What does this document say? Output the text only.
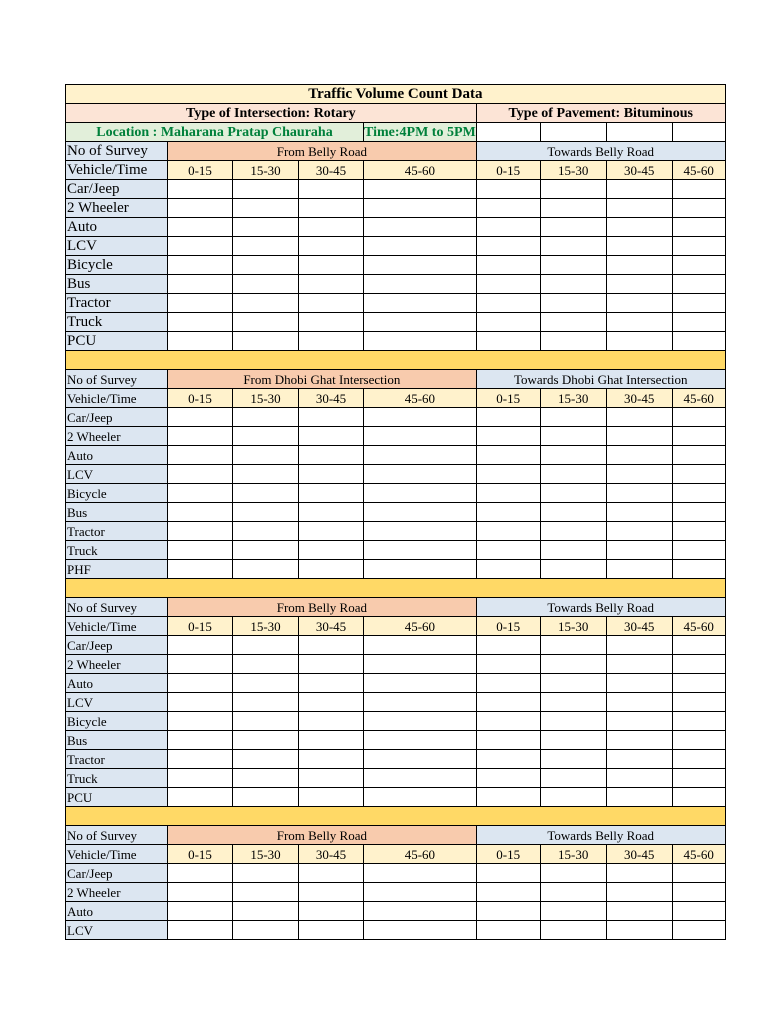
Traffic Volume Count Data								
Type of Intersection: Rotary					Type of Pavement: Bituminous			
Location : Maharana Pratap Chauraha				Time:4PM to 5PM				
No of Survey	From Belly Road				Towards Belly Road			
Vehicle/Time	0-15	15-30	30-45	45-60	0-15	15-30	30-45	45-60
Car/Jeep								
2 Wheeler								
Auto								
LCV								
Bicycle								
Bus								
Tractor								
Truck								
PCU								

No of Survey	From Dhobi Ghat Intersection				Towards Dhobi Ghat Intersection			
Vehicle/Time	0-15	15-30	30-45	45-60	0-15	15-30	30-45	45-60
Car/Jeep								
2 Wheeler								
Auto								
LCV								
Bicycle								
Bus								
Tractor								
Truck								
PHF								

No of Survey	From Belly Road				Towards Belly Road			
Vehicle/Time	0-15	15-30	30-45	45-60	0-15	15-30	30-45	45-60
Car/Jeep								
2 Wheeler								
Auto								
LCV								
Bicycle								
Bus								
Tractor								
Truck								
PCU								

No of Survey	From Belly Road				Towards Belly Road			
Vehicle/Time	0-15	15-30	30-45	45-60	0-15	15-30	30-45	45-60
Car/Jeep								
2 Wheeler								
Auto								
LCV								
